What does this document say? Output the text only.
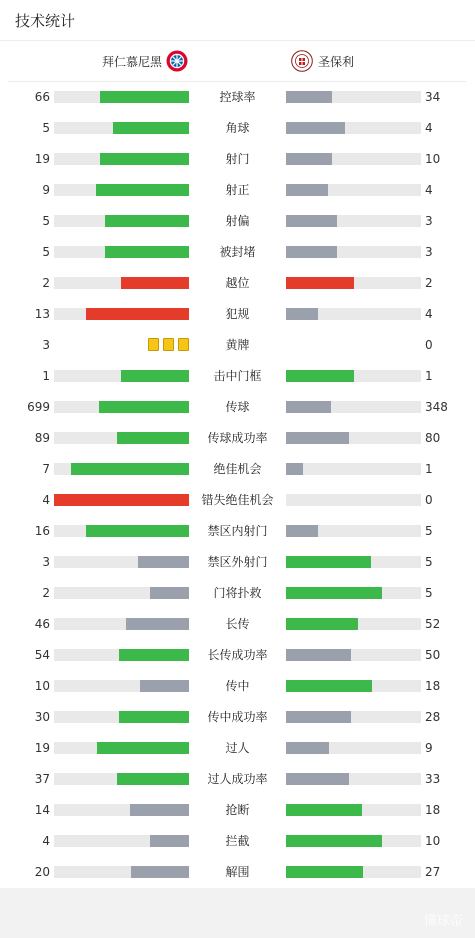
技术统计
拜仁慕尼黑	圣保利
66	控球率	34
5	角球	4
19	射门	10
9	射正	4
5	射偏	3
5	被封堵	3
2	越位	2
13	犯规	4
3	黄牌	0
1	击中门框	1
699	传球	348
89	传球成功率	80
7	绝佳机会	1
4	错失绝佳机会	0
16	禁区内射门	5
3	禁区外射门	5
2	门将扑救	5
46	长传	52
54	长传成功率	50
10	传中	18
30	传中成功率	28
19	过人	9
37	过人成功率	33
14	抢断	18
4	拦截	10
20	解围	27
懂球帝
